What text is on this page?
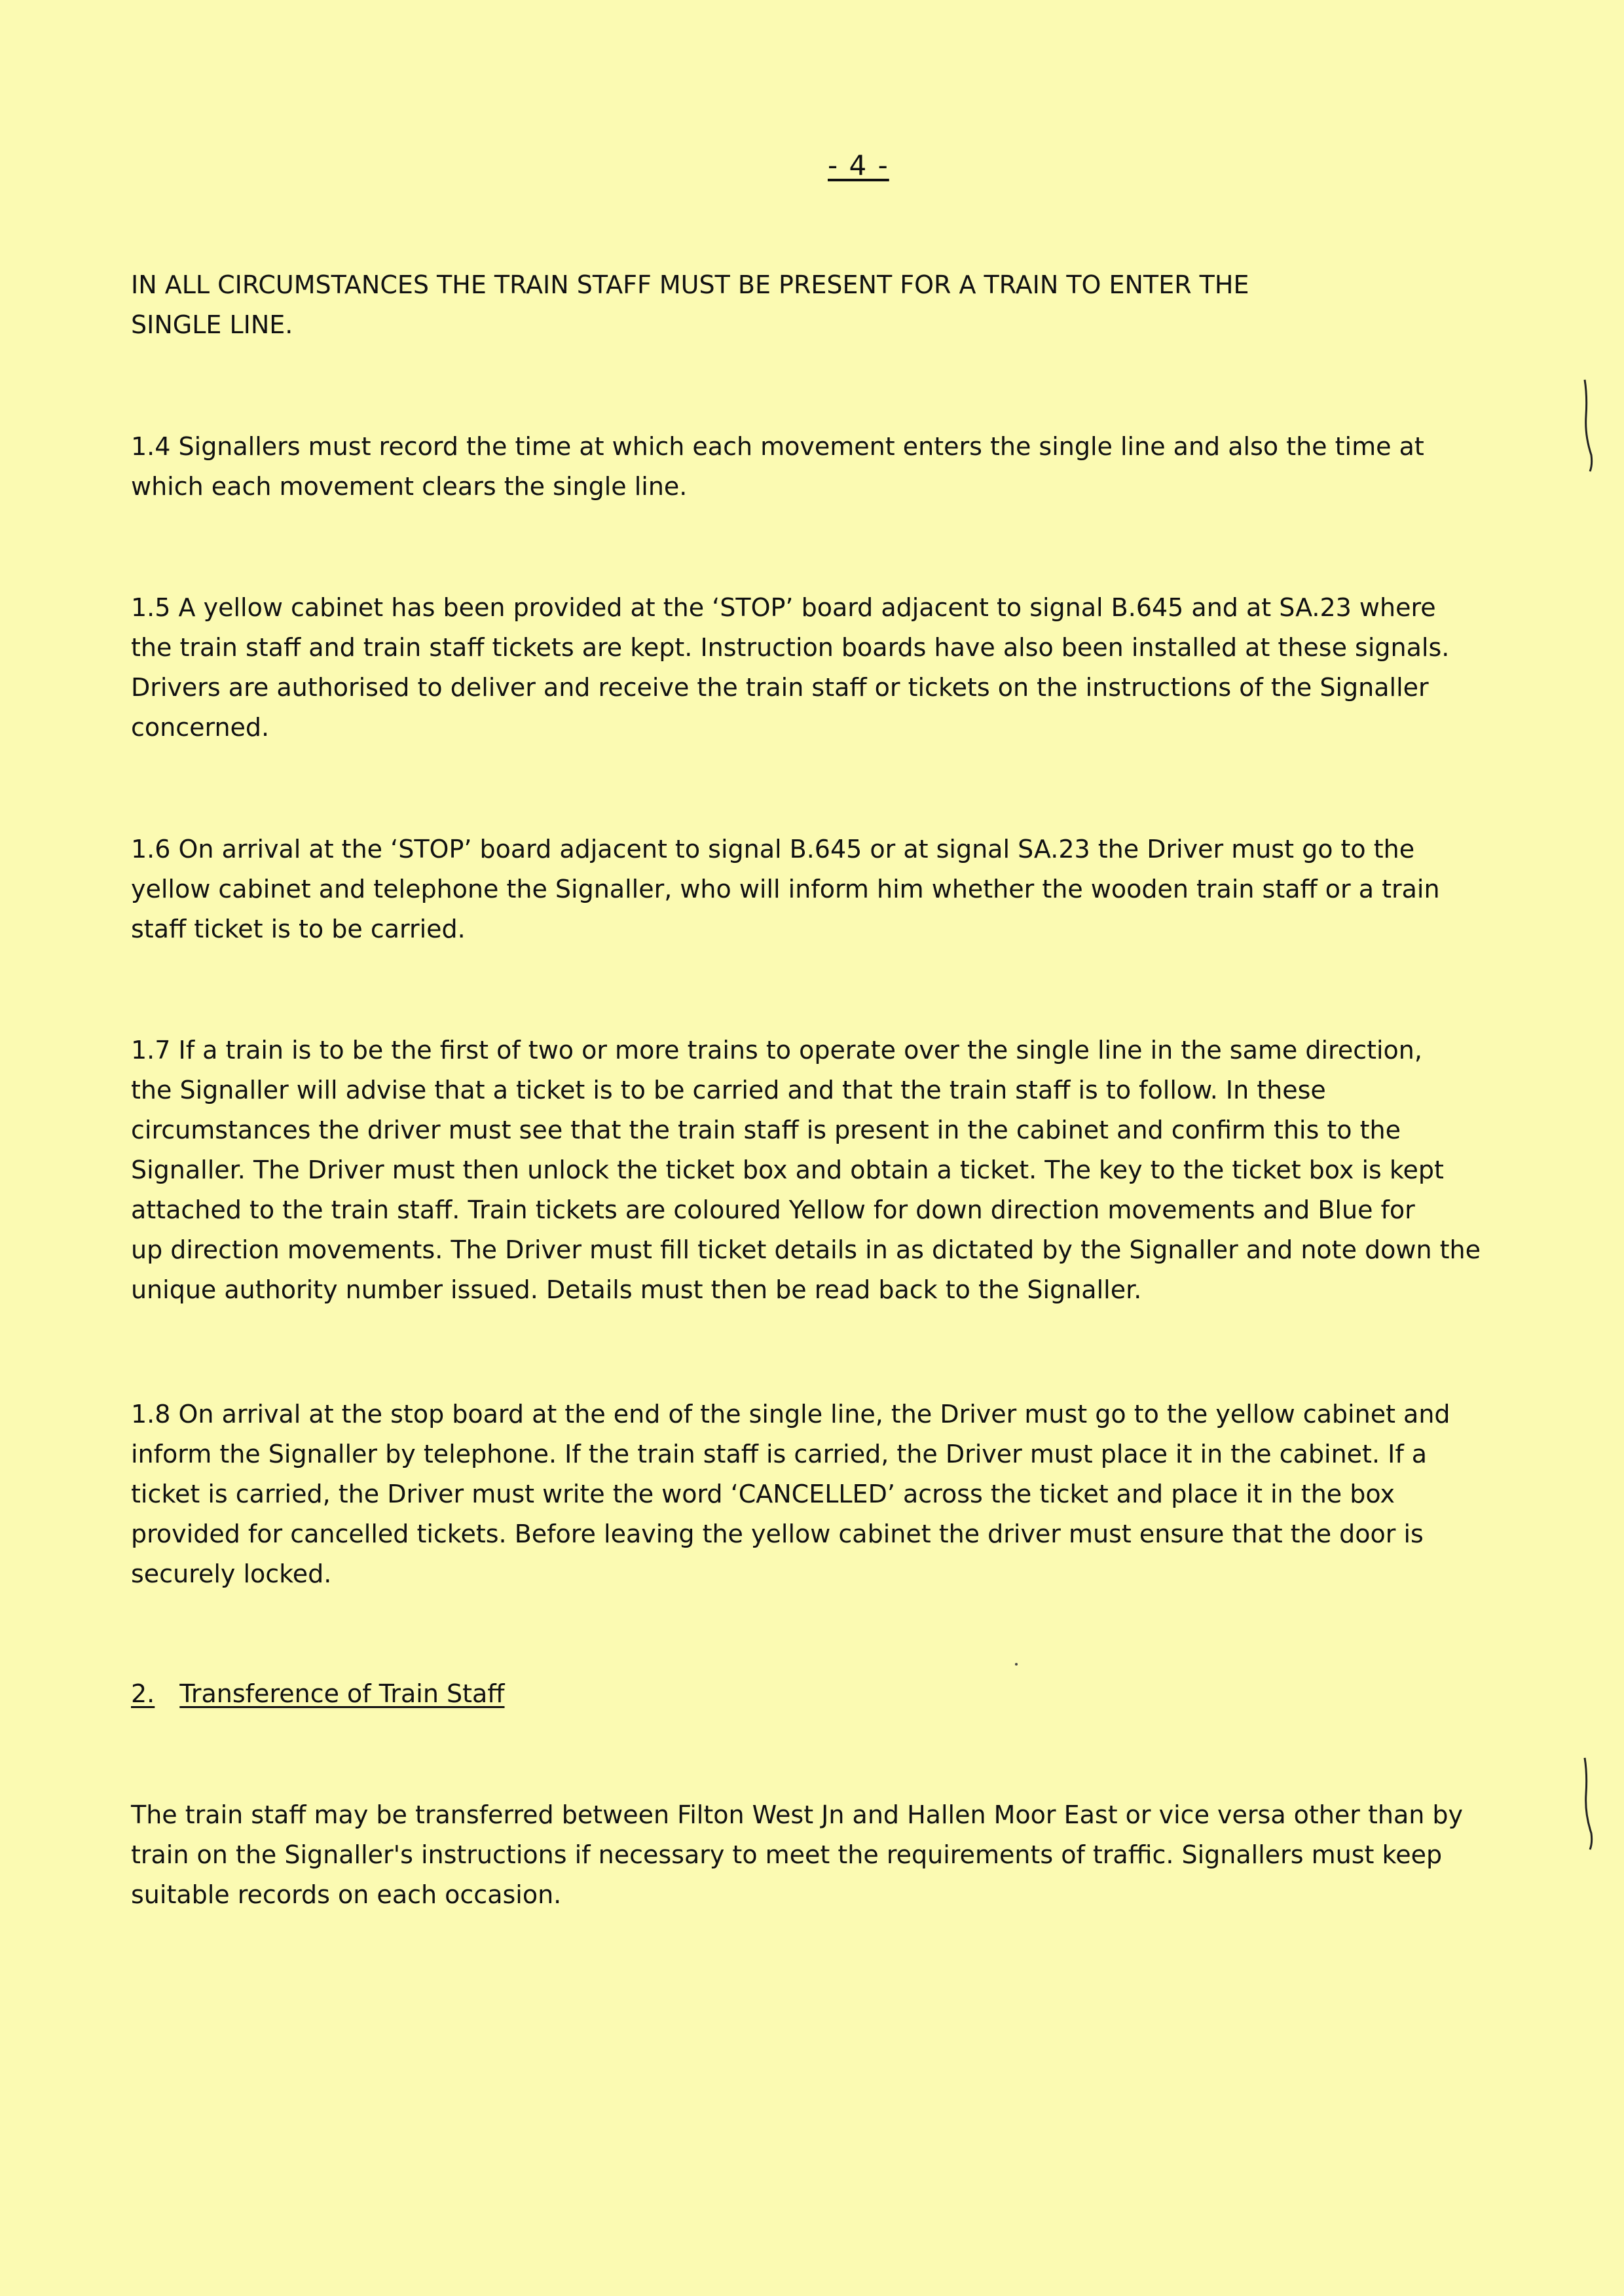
- 4 -

IN ALL CIRCUMSTANCES THE TRAIN STAFF MUST BE PRESENT FOR A TRAIN TO ENTER THE

SINGLE LINE.

1.4 Signallers must record the time at which each movement enters the single line and also the time at

which each movement clears the single line.

1.5 A yellow cabinet has been provided at the ‘STOP’ board adjacent to signal B.645 and at SA.23 where

the train staff and train staff tickets are kept. Instruction boards have also been installed at these signals.

Drivers are authorised to deliver and receive the train staff or tickets on the instructions of the Signaller

concerned.

1.6 On arrival at the ‘STOP’ board adjacent to signal B.645 or at signal SA.23 the Driver must go to the

yellow cabinet and telephone the Signaller, who will inform him whether the wooden train staff or a train

staff ticket is to be carried.

1.7 If a train is to be the first of two or more trains to operate over the single line in the same direction,

the Signaller will advise that a ticket is to be carried and that the train staff is to follow. In these

circumstances the driver must see that the train staff is present in the cabinet and confirm this to the

Signaller. The Driver must then unlock the ticket box and obtain a ticket. The key to the ticket box is kept

attached to the train staff. Train tickets are coloured Yellow for down direction movements and Blue for

up direction movements. The Driver must fill ticket details in as dictated by the Signaller and note down the

unique authority number issued. Details must then be read back to the Signaller.

1.8 On arrival at the stop board at the end of the single line, the Driver must go to the yellow cabinet and

inform the Signaller by telephone. If the train staff is carried, the Driver must place it in the cabinet. If a

ticket is carried, the Driver must write the word ‘CANCELLED’ across the ticket and place it in the box

provided for cancelled tickets. Before leaving the yellow cabinet the driver must ensure that the door is

securely locked.

2. Transference of Train Staff

The train staff may be transferred between Filton West Jn and Hallen Moor East or vice versa other than by

train on the Signaller's instructions if necessary to meet the requirements of traffic. Signallers must keep

suitable records on each occasion.
